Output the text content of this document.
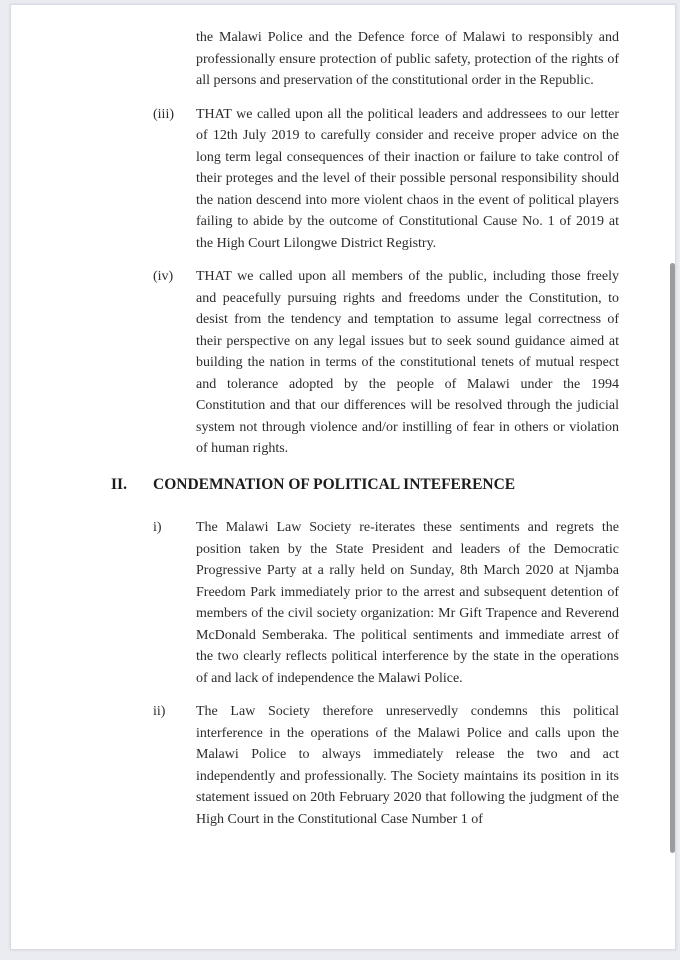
the Malawi Police and the Defence force of Malawi to responsibly and professionally ensure protection of public safety, protection of the rights of all persons and preservation of the constitutional order in the Republic.

(iii)	THAT we called upon all the political leaders and addressees to our letter of 12th July 2019 to carefully consider and receive proper advice on the long term legal consequences of their inaction or failure to take control of their proteges and the level of their possible personal responsibility should the nation descend into more violent chaos in the event of political players failing to abide by the outcome of Constitutional Cause No. 1 of 2019 at the High Court Lilongwe District Registry.
(iv)	THAT we called upon all members of the public, including those freely and peacefully pursuing rights and freedoms under the Constitution, to desist from the tendency and temptation to assume legal correctness of their perspective on any legal issues but to seek sound guidance aimed at building the nation in terms of the constitutional tenets of mutual respect and tolerance adopted by the people of Malawi under the 1994 Constitution and that our differences will be resolved through the judicial system not through violence and/or instilling of fear in others or violation of human rights.
II.	CONDEMNATION OF POLITICAL INTEFERENCE
i)	The Malawi Law Society re-iterates these sentiments and regrets the position taken by the State President and leaders of the Democratic Progressive Party at a rally held on Sunday, 8th March 2020 at Njamba Freedom Park immediately prior to the arrest and subsequent detention of members of the civil society organization: Mr Gift Trapence and Reverend McDonald Semberaka. The political sentiments and immediate arrest of the two clearly reflects political interference by the state in the operations of and lack of independence the Malawi Police.
ii)	The Law Society therefore unreservedly condemns this political interference in the operations of the Malawi Police and calls upon the Malawi Police to always immediately release the two and act independently and professionally. The Society maintains its position in its statement issued on 20th February 2020 that following the judgment of the High Court in the Constitutional Case Number 1 of
